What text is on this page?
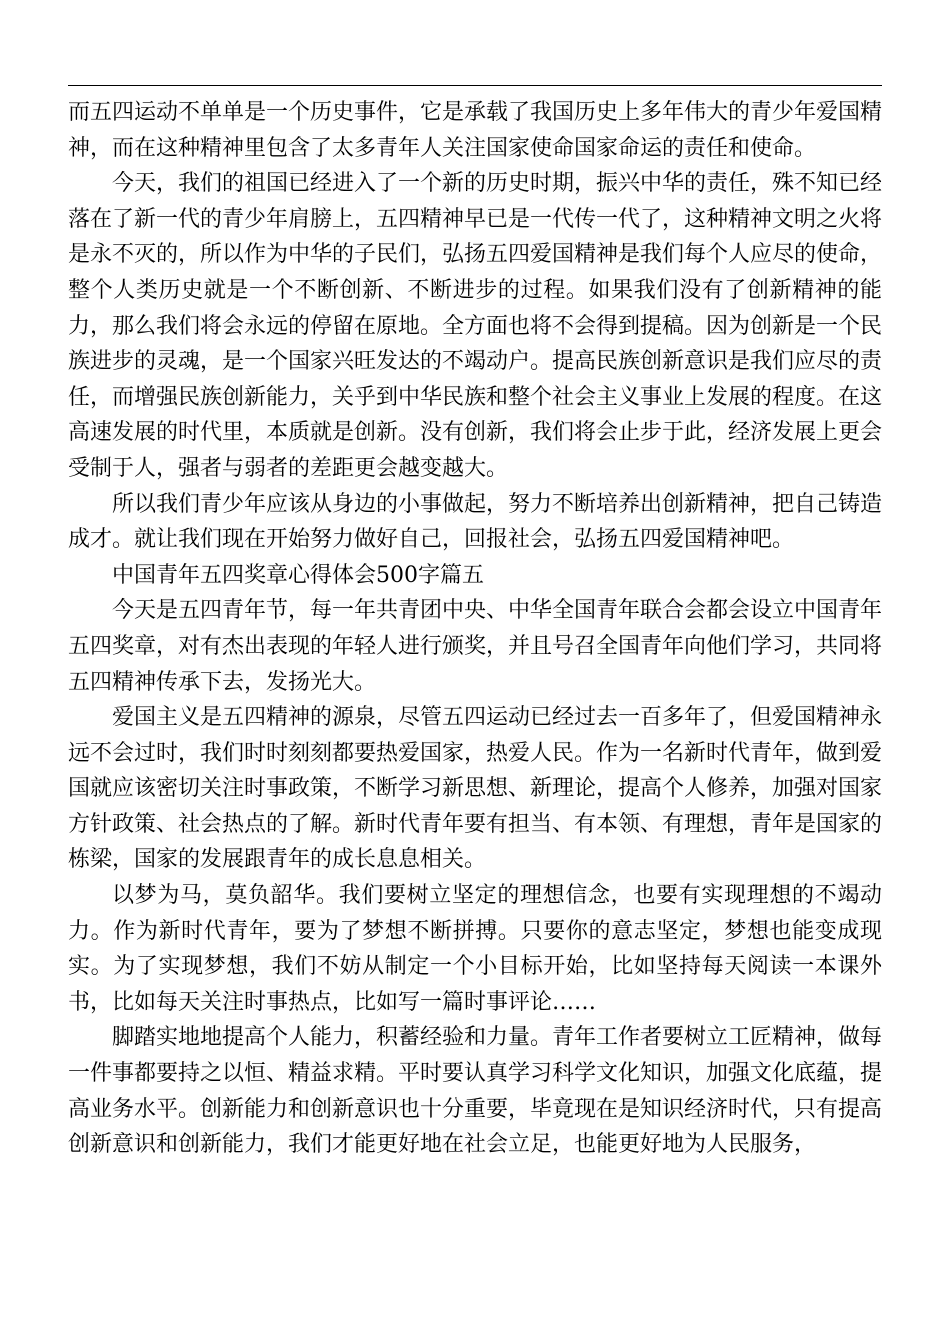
而五四运动不单单是一个历史事件，它是承载了我国历史上多年伟大的青少年爱国精神，而在这种精神里包含了太多青年人关注国家使命国家命运的责任和使命。

今天，我们的祖国已经进入了一个新的历史时期，振兴中华的责任，殊不知已经落在了新一代的青少年肩膀上，五四精神早已是一代传一代了，这种精神文明之火将是永不灭的，所以作为中华的子民们，弘扬五四爱国精神是我们每个人应尽的使命，整个人类历史就是一个不断创新、不断进步的过程。如果我们没有了创新精神的能力，那么我们将会永远的停留在原地。全方面也将不会得到提稿。因为创新是一个民族进步的灵魂，是一个国家兴旺发达的不竭动户。提高民族创新意识是我们应尽的责任，而增强民族创新能力，关乎到中华民族和整个社会主义事业上发展的程度。在这高速发展的时代里，本质就是创新。没有创新，我们将会止步于此，经济发展上更会受制于人，强者与弱者的差距更会越变越大。

所以我们青少年应该从身边的小事做起，努力不断培养出创新精神，把自己铸造成才。就让我们现在开始努力做好自己，回报社会，弘扬五四爱国精神吧。

中国青年五四奖章心得体会500字篇五

今天是五四青年节，每一年共青团中央、中华全国青年联合会都会设立中国青年五四奖章，对有杰出表现的年轻人进行颁奖，并且号召全国青年向他们学习，共同将五四精神传承下去，发扬光大。

爱国主义是五四精神的源泉，尽管五四运动已经过去一百多年了，但爱国精神永远不会过时，我们时时刻刻都要热爱国家，热爱人民。作为一名新时代青年，做到爱国就应该密切关注时事政策，不断学习新思想、新理论，提高个人修养，加强对国家方针政策、社会热点的了解。新时代青年要有担当、有本领、有理想，青年是国家的栋梁，国家的发展跟青年的成长息息相关。

以梦为马，莫负韶华。我们要树立坚定的理想信念，也要有实现理想的不竭动力。作为新时代青年，要为了梦想不断拼搏。只要你的意志坚定，梦想也能变成现实。为了实现梦想，我们不妨从制定一个小目标开始，比如坚持每天阅读一本课外书，比如每天关注时事热点，比如写一篇时事评论……

脚踏实地地提高个人能力，积蓄经验和力量。青年工作者要树立工匠精神，做每一件事都要持之以恒、精益求精。平时要认真学习科学文化知识，加强文化底蕴，提高业务水平。创新能力和创新意识也十分重要，毕竟现在是知识经济时代，只有提高创新意识和创新能力，我们才能更好地在社会立足，也能更好地为人民服务，
